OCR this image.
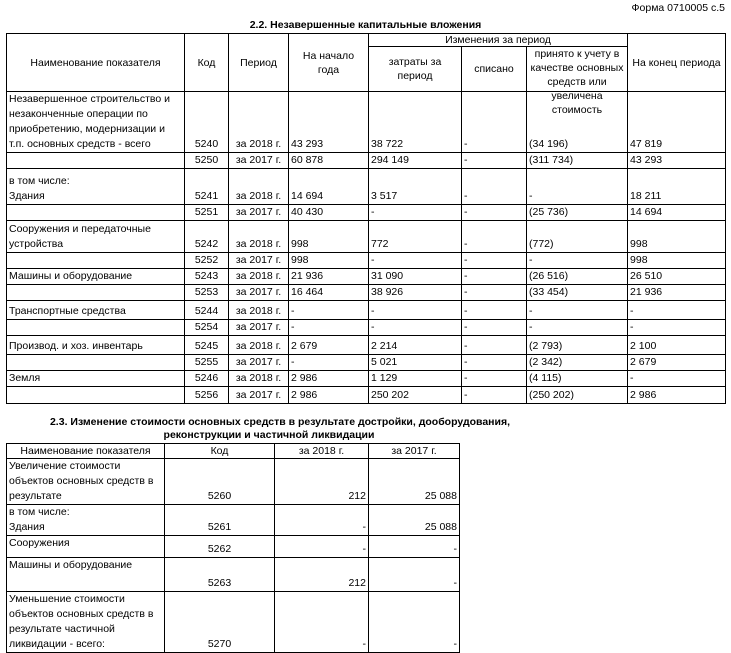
Форма 0710005 с.5
2.2. Незавершенные капитальные вложения
Наименование показателя	Код	Период	На начало года	Изменения за период			На конец периода
				затраты за период	списано	принято к учету в качестве основных средств или увеличена стоимость	

Незавершенное строительство и незаконченные операции по приобретению, модернизации и т.п. основных средств - всего	5240	за 2018 г.	43 293	38 722	-	(34 196)	47 819
	5250	за 2017 г.	60 878	294 149	-	(311 734)	43 293
в том числе:
Здания	5241	за 2018 г.	14 694	3 517	-	-	18 211
	5251	за 2017 г.	40 430	-	-	(25 736)	14 694
Сооружения и передаточные устройства	5242	за 2018 г.	998	772	-	(772)	998
	5252	за 2017 г.	998	-	-	-	998
Машины и оборудование	5243	за 2018 г.	21 936	31 090	-	(26 516)	26 510
	5253	за 2017 г.	16 464	38 926	-	(33 454)	21 936
Транспортные средства	5244	за 2018 г.	-	-	-	-	-
	5254	за 2017 г.	-	-	-	-	-
Производ. и хоз. инвентарь	5245	за 2018 г.	2 679	2 214	-	(2 793)	2 100
	5255	за 2017 г.	-	5 021	-	(2 342)	2 679
Земля	5246	за 2018 г.	2 986	1 129	-	(4 115)	-
	5256	за 2017 г.	2 986	250 202	-	(250 202)	2 986
2.3. Изменение стоимости основных средств в результате достройки, дооборудования,
реконструкции и частичной ликвидации
Наименование показателя	Код	за 2018 г.	за 2017 г.
Увеличение стоимости объектов основных средств в результате	5260	212	25 088
в том числе:
Здания	5261	-	25 088
Сооружения	5262	-	-
Машины и оборудование	5263	212	-
Уменьшение стоимости объектов основных средств в результате частичной ликвидации - всего:	5270	-	-
